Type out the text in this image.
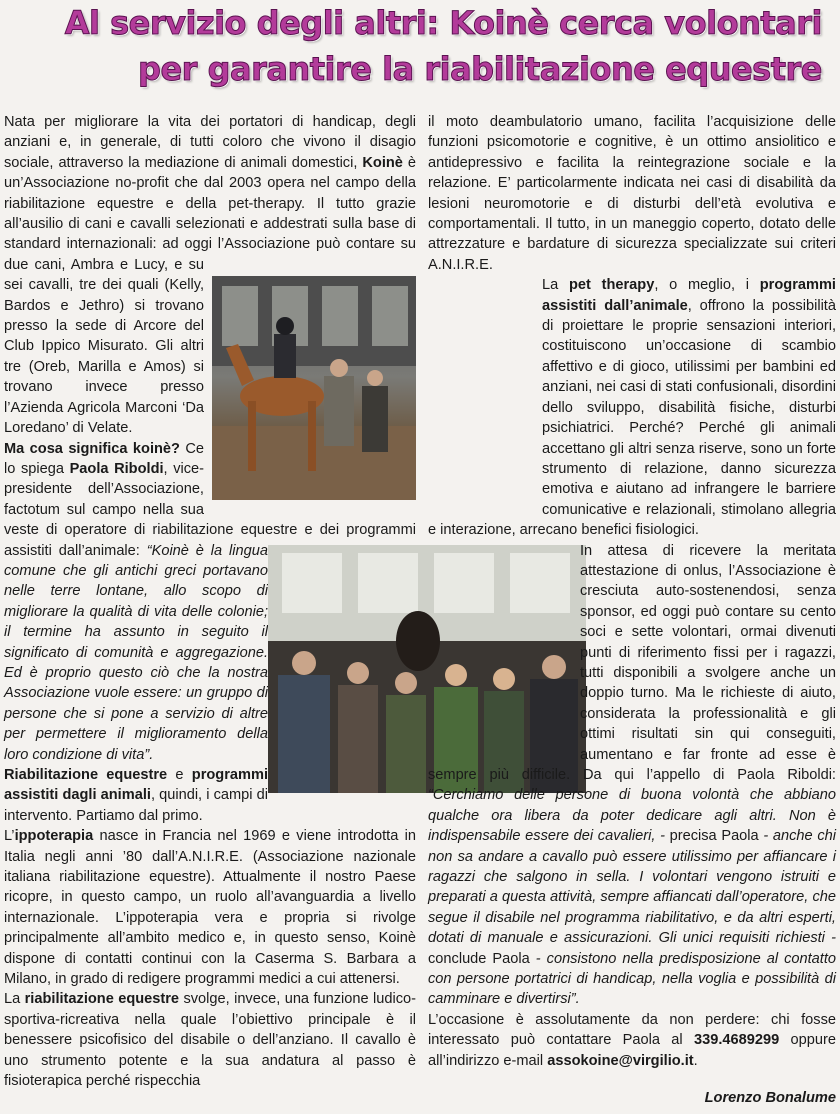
Al servizio degli altri: Koinè cerca volontari
per garantire la riabilitazione equestre

Nata per migliorare la vita dei portatori di handicap, degli anziani e, in generale, di tutti coloro che vivono il disagio sociale, attraverso la mediazione di animali domestici, Koinè è un’Associazione no-profit che dal 2003 opera nel campo della riabilitazione equestre e della pet-therapy. Il tutto grazie all’ausilio di cani e cavalli selezionati e addestrati sulla base di standard internazionali: ad oggi l’Associazione può contare su due cani, Ambra e Lucy, e su sei cavalli, tre dei quali (Kelly, Bardos e Jethro) si trovano presso la sede di Arcore del Club Ippico Misurato. Gli altri tre (Oreb, Marilla e Amos) si trovano invece presso l’Azienda Agricola Marconi ‘Da Loredano’ di Velate.

Ma cosa significa koinè? Ce lo spiega Paola Riboldi, vice-presidente dell’Associazione, factotum sul campo nella sua veste di operatore di riabilitazione equestre e dei programmi assistiti dall’animale:
“Koinè è la lingua comune che gli antichi greci portavano nelle terre lontane, allo scopo di migliorare la qualità di vita delle colonie; il termine ha assunto in seguito il significato di comunità e aggregazione. Ed è proprio questo ciò che la nostra Associazione vuole essere: un gruppo di persone che si pone a servizio di altre per permettere il miglioramento della loro condizione di vita”.

Riabilitazione equestre e programmi assistiti dagli animali, quindi, i campi di intervento. Partiamo dal primo.

L’ippoterapia nasce in Francia nel 1969 e viene introdotta in Italia negli anni ’80 dall’A.N.I.R.E. (Associazione nazionale italiana riabilitazione equestre). Attualmente il nostro Paese ricopre, in questo campo, un ruolo all’avanguardia a livello internazionale. L’ippoterapia vera e propria si rivolge principalmente all’ambito medico e, in questo senso, Koinè dispone di contatti continui con la Caserma S. Barbara a Milano, in grado di redigere programmi medici a cui attenersi.

La riabilitazione equestre svolge, invece, una funzione ludico-sportiva-ricreativa nella quale l’obiettivo principale è il benessere psicofisico del disabile o dell’anziano. Il cavallo è uno strumento potente e la sua andatura al passo è fisioterapica perché rispecchia

il moto deambulatorio umano, facilita l’acquisizione delle funzioni psicomotorie e cognitive, è un ottimo ansiolitico e antidepressivo e facilita la reintegrazione sociale e la relazione. E’ particolarmente indicata nei casi di disabilità da lesioni neuromotorie e di disturbi dell’età evolutiva e comportamentali. Il tutto, in un maneggio coperto, dotato delle attrezzature e bardature di sicurezza specializzate sui criteri A.N.I.R.E.

La pet therapy, o meglio, i programmi assistiti dall’animale, offrono la possibilità di proiettare le proprie sensazioni interiori, costituiscono un’occasione di scambio affettivo e di gioco, utilissimi per bambini ed anziani, nei casi di stati confusionali, disordini dello sviluppo, disabilità fisiche, disturbi psichiatrici. Perché? Perché gli animali accettano gli altri senza riserve, sono un forte strumento di relazione, danno sicurezza emotiva e aiutano ad infrangere le barriere comunicative e relazionali, stimolano allegria e interazione, arrecano benefici fisiologici.

In attesa di ricevere la meritata attestazione di onlus, l’Associazione è cresciuta auto-sostenendosi, senza sponsor, ed oggi può contare su cento soci e sette volontari, ormai divenuti punti di riferimento fissi per i ragazzi, tutti disponibili a svolgere anche un doppio turno. Ma le richieste di aiuto, considerata la professionalità e gli ottimi risultati sin qui conseguiti, aumentano e far fronte ad esse è sempre più difficile. Da qui l’appello di Paola Riboldi: “Cerchiamo delle persone di buona volontà che abbiano qualche ora libera da poter dedicare agli altri. Non è indispensabile essere dei cavalieri, - precisa Paola - anche chi non sa andare a cavallo può essere utilissimo per affiancare i ragazzi che salgono in sella. I volontari vengono istruiti e preparati a questa attività, sempre affiancati dall’operatore, che segue il disabile nel programma riabilitativo, e da altri esperti, dotati di manuale e assicurazioni. Gli unici requisiti richiesti - conclude Paola - consistono nella predisposizione al contatto con persone portatrici di handicap, nella voglia e possibilità di camminare e divertirsi”.

L’occasione è assolutamente da non perdere: chi fosse interessato può contattare Paola al 339.4689299 oppure all’indirizzo e-mail assokoine@virgilio.it.

Lorenzo Bonalume
